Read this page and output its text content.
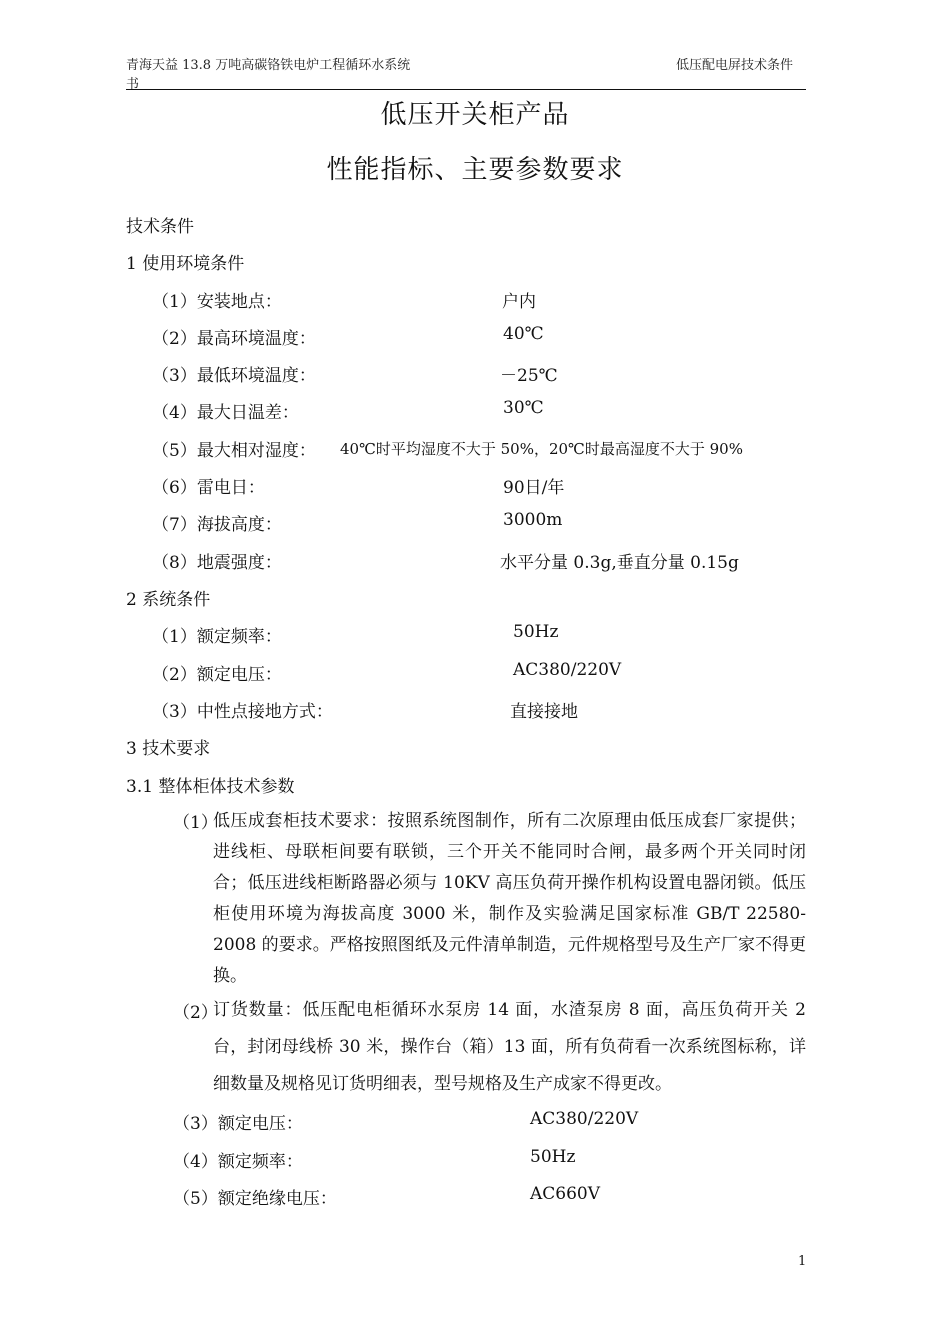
青海天益 13.8 万吨高碳铬铁电炉工程循环水系统
书
低压配电屏技术条件
低压开关柜产品
性能指标、主要参数要求
技术条件
1 使用环境条件
（1）安装地点：	户内
（2）最高环境温度：	40℃
（3）最低环境温度：	－25℃
（4）最大日温差：	30℃
（5）最大相对湿度： 40℃时平均湿度不大于 50%，20℃时最高湿度不大于 90%
（6）雷电日：	90日/年
（7）海拔高度：	3000m
（8）地震强度：	水平分量 0.3g,垂直分量 0.15g
2 系统条件
（1）额定频率：	50Hz
（2）额定电压：	AC380/220V
（3）中性点接地方式：	直接接地
3 技术要求
3.1 整体柜体技术参数
（1）
低压成套柜技术要求：按照系统图制作，所有二次原理由低压成套厂家提供；进线柜、母联柜间要有联锁，三个开关不能同时合闸，最多两个开关同时闭合；低压进线柜断路器必须与 10KV 高压负荷开操作机构设置电器闭锁。低压柜使用环境为海拔高度 3000 米，制作及实验满足国家标准 GB/T 22580-2008 的要求。严格按照图纸及元件清单制造，元件规格型号及生产厂家不得更换。
（2）
订货数量：低压配电柜循环水泵房 14 面，水渣泵房 8 面，高压负荷开关 2 台，封闭母线桥 30 米，操作台（箱）13 面，所有负荷看一次系统图标称，详细数量及规格见订货明细表，型号规格及生产成家不得更改。
（3）额定电压：	AC380/220V
（4）额定频率：	50Hz
（5）额定绝缘电压：	AC660V
1
